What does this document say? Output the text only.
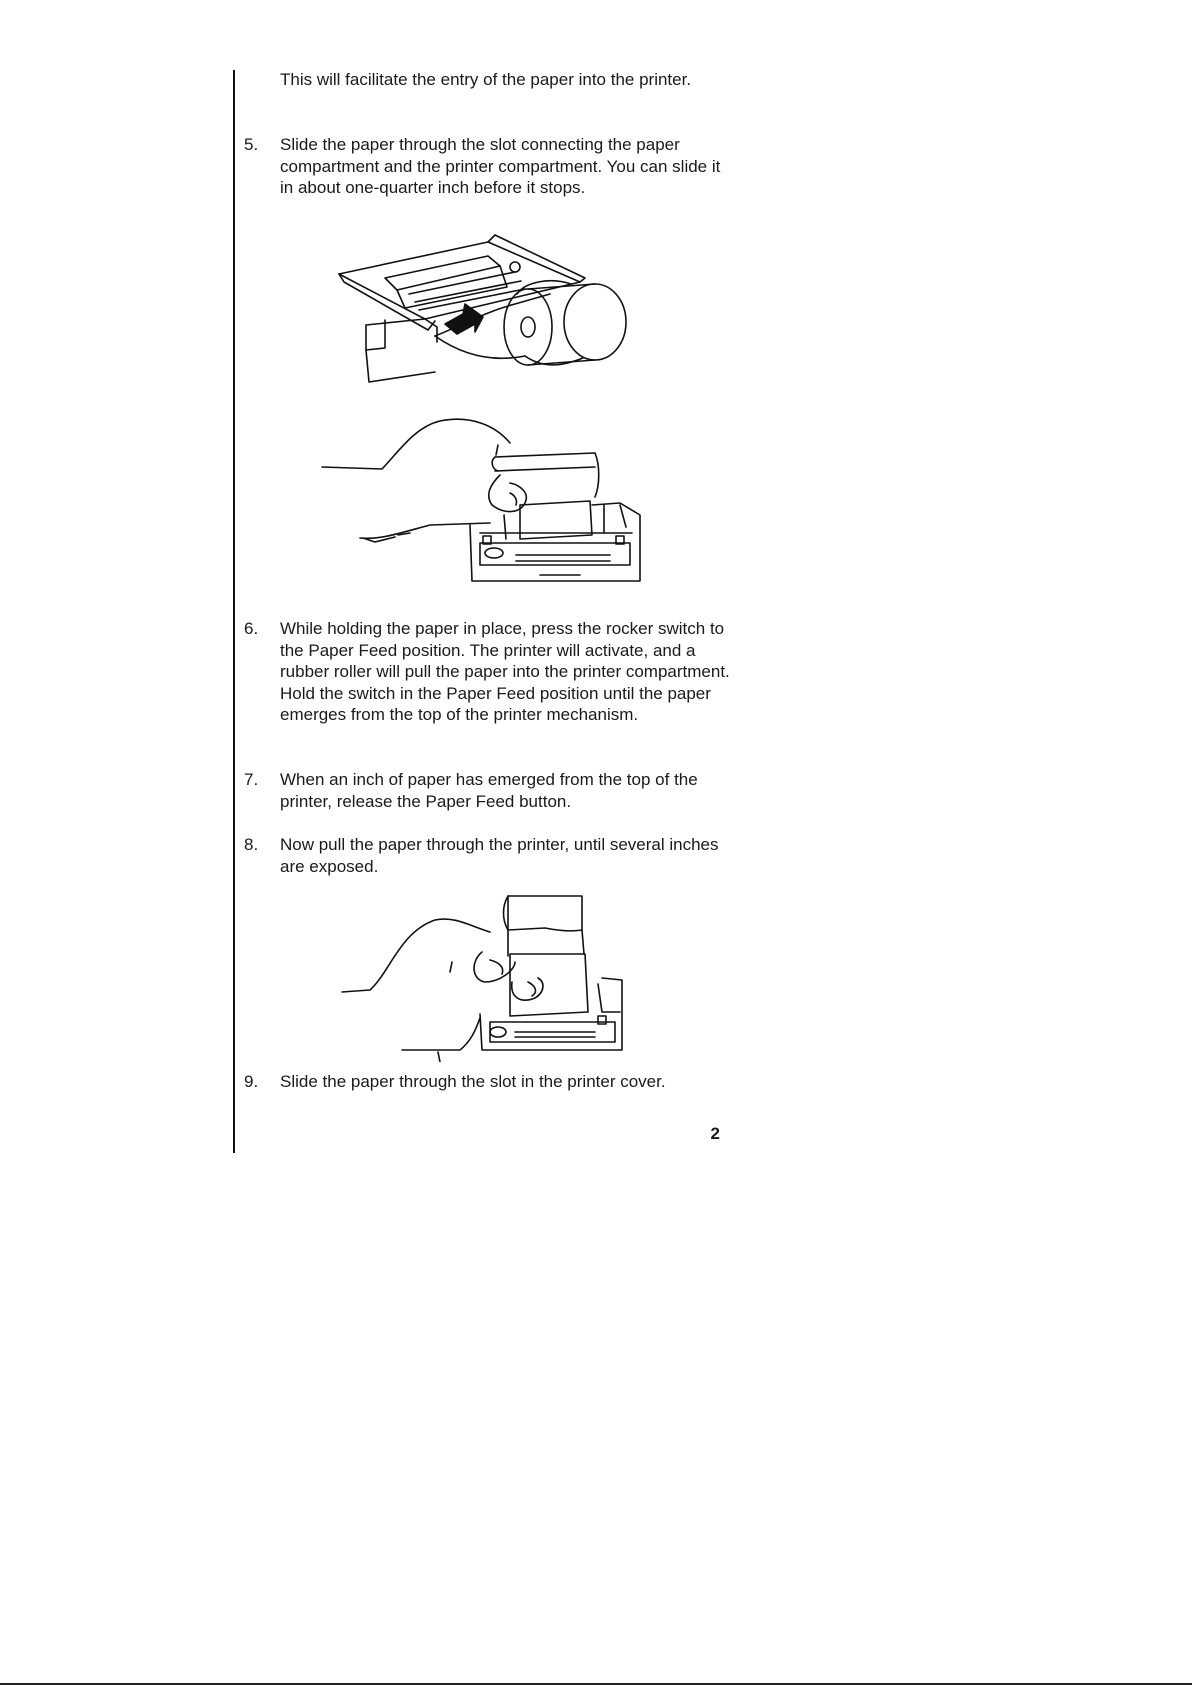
This will facilitate the entry of the paper into the printer.

5.	Slide the paper through the slot connecting the paper compartment and the printer compartment. You can slide it in about one-quarter inch before it stops.
6.	While holding the paper in place, press the rocker switch to the Paper Feed position. The printer will activate, and a rubber roller will pull the paper into the printer compartment. Hold the switch in the Paper Feed position until the paper emerges from the top of the printer mechanism.
7.	When an inch of paper has emerged from the top of the printer, release the Paper Feed button.
8.	Now pull the paper through the printer, until several inches are exposed.
9.	Slide the paper through the slot in the printer cover.
2
